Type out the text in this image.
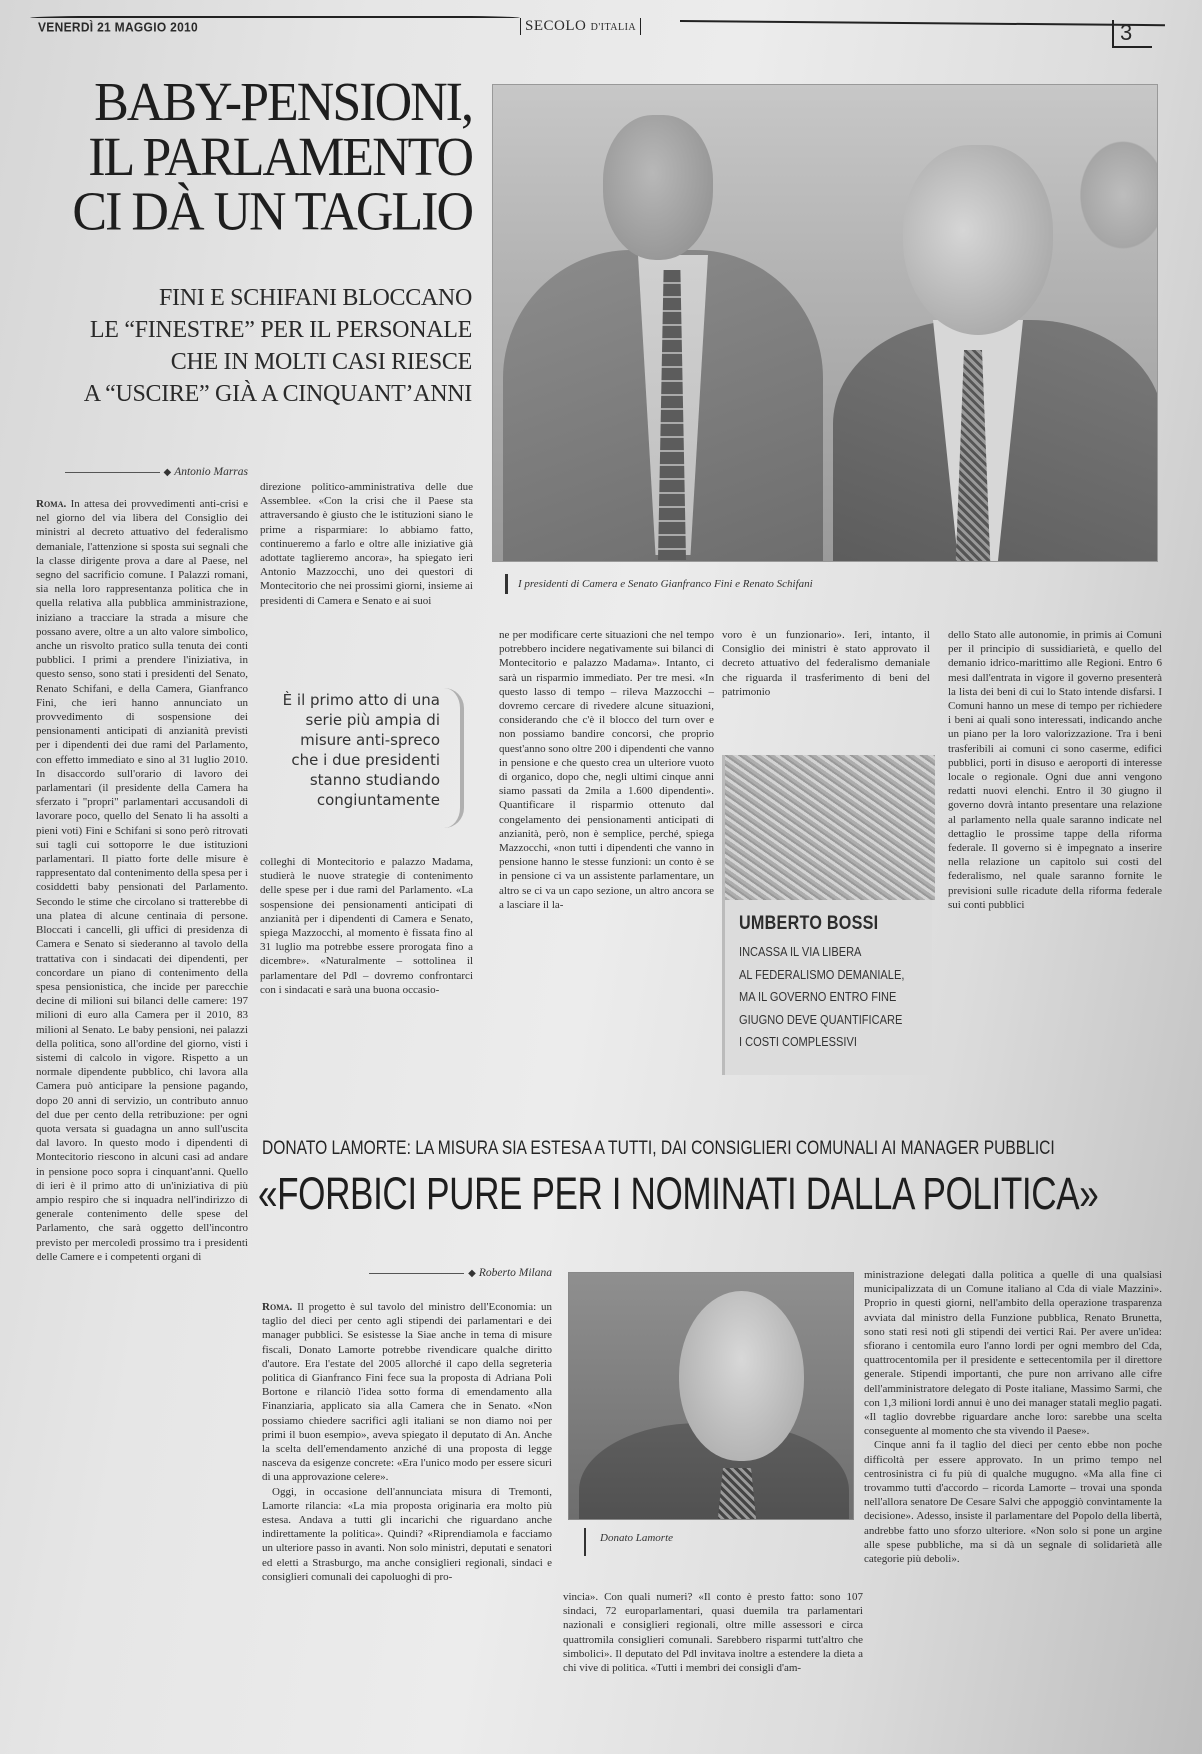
VENERDÌ 21 MAGGIO 2010	SECOLO D'ITALIA	3
BABY-PENSIONI,
IL PARLAMENTO
CI DÀ UN TAGLIO
FINI E SCHIFANI BLOCCANO
LE “FINESTRE” PER IL PERSONALE
CHE IN MOLTI CASI RIESCE
A “USCIRE” GIÀ A CINQUANT’ANNI
I presidenti di Camera e Senato Gianfranco Fini e Renato Schifani
◆ Antonio Marras
Roma. In attesa dei provvedimenti anti-crisi e nel giorno del via libera del Consiglio dei ministri al decreto attuativo del federalismo demaniale, l'attenzione si sposta sui segnali che la classe dirigente prova a dare al Paese, nel segno del sacrificio comune. I Palazzi romani, sia nella loro rappresentanza politica che in quella relativa alla pubblica amministrazione, iniziano a tracciare la strada a misure che possano avere, oltre a un alto valore simbolico, anche un risvolto pratico sulla tenuta dei conti pubblici. I primi a prendere l'iniziativa, in questo senso, sono stati i presidenti del Senato, Renato Schifani, e della Camera, Gianfranco Fini, che ieri hanno annunciato un provvedimento di sospensione dei pensionamenti anticipati di anzianità previsti per i dipendenti dei due rami del Parlamento, con effetto immediato e sino al 31 luglio 2010. In disaccordo sull'orario di lavoro dei parlamentari (il presidente della Camera ha sferzato i "propri" parlamentari accusandoli di lavorare poco, quello del Senato li ha assolti a pieni voti) Fini e Schifani si sono però ritrovati sui tagli cui sottoporre le due istituzioni parlamentari. Il piatto forte delle misure è rappresentato dal contenimento della spesa per i cosiddetti baby pensionati del Parlamento. Secondo le stime che circolano si tratterebbe di una platea di alcune centinaia di persone. Bloccati i cancelli, gli uffici di presidenza di Camera e Senato si siederanno al tavolo della trattativa con i sindacati dei dipendenti, per concordare un piano di contenimento della spesa pensionistica, che incide per parecchie decine di milioni sui bilanci delle camere: 197 milioni di euro alla Camera per il 2010, 83 milioni al Senato. Le baby pensioni, nei palazzi della politica, sono all'ordine del giorno, visti i sistemi di calcolo in vigore. Rispetto a un normale dipendente pubblico, chi lavora alla Camera può anticipare la pensione pagando, dopo 20 anni di servizio, un contributo annuo del due per cento della retribuzione: per ogni quota versata si guadagna un anno sull'uscita dal lavoro. In questo modo i dipendenti di Montecitorio riescono in alcuni casi ad andare in pensione poco sopra i cinquant'anni. Quello di ieri è il primo atto di un'iniziativa di più ampio respiro che si inquadra nell'indirizzo di generale contenimento delle spese del Parlamento, che sarà oggetto dell'incontro previsto per mercoledì prossimo tra i presidenti delle Camere e i competenti organi di
direzione politico-amministrativa delle due Assemblee. «Con la crisi che il Paese sta attraversando è giusto che le istituzioni siano le prime a risparmiare: lo abbiamo fatto, continueremo a farlo e oltre alle iniziative già adottate taglieremo ancora», ha spiegato ieri Antonio Mazzocchi, uno dei questori di Montecitorio che nei prossimi giorni, insieme ai presidenti di Camera e Senato e ai suoi
È il primo atto di una serie più ampia di misure anti-spreco che i due presidenti stanno studiando congiuntamente
colleghi di Montecitorio e palazzo Madama, studierà le nuove strategie di contenimento delle spese per i due rami del Parlamento. «La sospensione dei pensionamenti anticipati di anzianità per i dipendenti di Camera e Senato, spiega Mazzocchi, al momento è fissata fino al 31 luglio ma potrebbe essere prorogata fino a dicembre». «Naturalmente – sottolinea il parlamentare del Pdl – dovremo confrontarci con i sindacati e sarà una buona occasio-
ne per modificare certe situazioni che nel tempo potrebbero incidere negativamente sui bilanci di Montecitorio e palazzo Madama». Intanto, ci sarà un risparmio immediato. Per tre mesi. «In questo lasso di tempo – rileva Mazzocchi – dovremo cercare di rivedere alcune situazioni, considerando che c'è il blocco del turn over e non possiamo bandire concorsi, che proprio quest'anno sono oltre 200 i dipendenti che vanno in pensione e che questo crea un ulteriore vuoto di organico, dopo che, negli ultimi cinque anni siamo passati da 2mila a 1.600 dipendenti». Quantificare il risparmio ottenuto dal congelamento dei pensionamenti anticipati di anzianità, però, non è semplice, perché, spiega Mazzocchi, «non tutti i dipendenti che vanno in pensione hanno le stesse funzioni: un conto è se in pensione ci va un assistente parlamentare, un altro se ci va un capo sezione, un altro ancora se a lasciare il la-
voro è un funzionario». Ieri, intanto, il Consiglio dei ministri è stato approvato il decreto attuativo del federalismo demaniale che riguarda il trasferimento di beni del patrimonio
dello Stato alle autonomie, in primis ai Comuni per il principio di sussidiarietà, e quello del demanio idrico-marittimo alle Regioni. Entro 6 mesi dall'entrata in vigore il governo presenterà la lista dei beni di cui lo Stato intende disfarsi. I Comuni hanno un mese di tempo per richiedere i beni ai quali sono interessati, indicando anche un piano per la loro valorizzazione. Tra i beni trasferibili ai comuni ci sono caserme, edifici pubblici, porti in disuso e aeroporti di interesse locale o regionale. Ogni due anni vengono redatti nuovi elenchi. Entro il 30 giugno il governo dovrà intanto presentare una relazione al parlamento nella quale saranno indicate nel dettaglio le prossime tappe della riforma federale. Il governo si è impegnato a inserire nella relazione un capitolo sui costi del federalismo, nel quale saranno fornite le previsioni sulle ricadute della riforma federale sui conti pubblici
UMBERTO BOSSI
INCASSA IL VIA LIBERA
AL FEDERALISMO DEMANIALE,
MA IL GOVERNO ENTRO FINE
GIUGNO DEVE QUANTIFICARE
I COSTI COMPLESSIVI
DONATO LAMORTE: LA MISURA SIA ESTESA A TUTTI, DAI CONSIGLIERI COMUNALI AI MANAGER PUBBLICI
«FORBICI PURE PER I NOMINATI DALLA POLITICA»
◆ Roberto Milana

Roma. Il progetto è sul tavolo del ministro dell'Economia: un taglio del dieci per cento agli stipendi dei parlamentari e dei manager pubblici. Se esistesse la Siae anche in tema di misure fiscali, Donato Lamorte potrebbe rivendicare qualche diritto d'autore. Era l'estate del 2005 allorché il capo della segreteria politica di Gianfranco Fini fece sua la proposta di Adriana Poli Bortone e rilanciò l'idea sotto forma di emendamento alla Finanziaria, applicato sia alla Camera che in Senato. «Non possiamo chiedere sacrifici agli italiani se non diamo noi per primi il buon esempio», aveva spiegato il deputato di An. Anche la scelta dell'emendamento anziché di una proposta di legge nasceva da esigenze concrete: «Era l'unico modo per essere sicuri di una approvazione celere».

Oggi, in occasione dell'annunciata misura di Tremonti, Lamorte rilancia: «La mia proposta originaria era molto più estesa. Andava a tutti gli incarichi che riguardano anche indirettamente la politica». Quindi? «Riprendiamola e facciamo un ulteriore passo in avanti. Non solo ministri, deputati e senatori ed eletti a Strasburgo, ma anche consiglieri regionali, sindaci e consiglieri comunali dei capoluoghi di pro-

Donato Lamorte
vincia». Con quali numeri? «Il conto è presto fatto: sono 107 sindaci, 72 europarlamentari, quasi duemila tra parlamentari nazionali e consiglieri regionali, oltre mille assessori e circa quattromila consiglieri comunali. Sarebbero risparmi tutt'altro che simbolici». Il deputato del Pdl invitava inoltre a estendere la dieta a chi vive di politica. «Tutti i membri dei consigli d'am-

ministrazione delegati dalla politica a quelle di una qualsiasi municipalizzata di un Comune italiano al Cda di viale Mazzini». Proprio in questi giorni, nell'ambito della operazione trasparenza avviata dal ministro della Funzione pubblica, Renato Brunetta, sono stati resi noti gli stipendi dei vertici Rai. Per avere un'idea: sfiorano i centomila euro l'anno lordi per ogni membro del Cda, quattrocentomila per il presidente e settecentomila per il direttore generale. Stipendi importanti, che pure non arrivano alle cifre dell'amministratore delegato di Poste italiane, Massimo Sarmi, che con 1,3 milioni lordi annui è uno dei manager statali meglio pagati. «Il taglio dovrebbe riguardare anche loro: sarebbe una scelta conseguente al momento che sta vivendo il Paese».

Cinque anni fa il taglio del dieci per cento ebbe non poche difficoltà per essere approvato. In un primo tempo nel centrosinistra ci fu più di qualche mugugno. «Ma alla fine ci trovammo tutti d'accordo – ricorda Lamorte – trovai una sponda nell'allora senatore De Cesare Salvi che appoggiò convintamente la decisione». Adesso, insiste il parlamentare del Popolo della libertà, andrebbe fatto uno sforzo ulteriore. «Non solo si pone un argine alle spese pubbliche, ma si dà un segnale di solidarietà alle categorie più deboli».
